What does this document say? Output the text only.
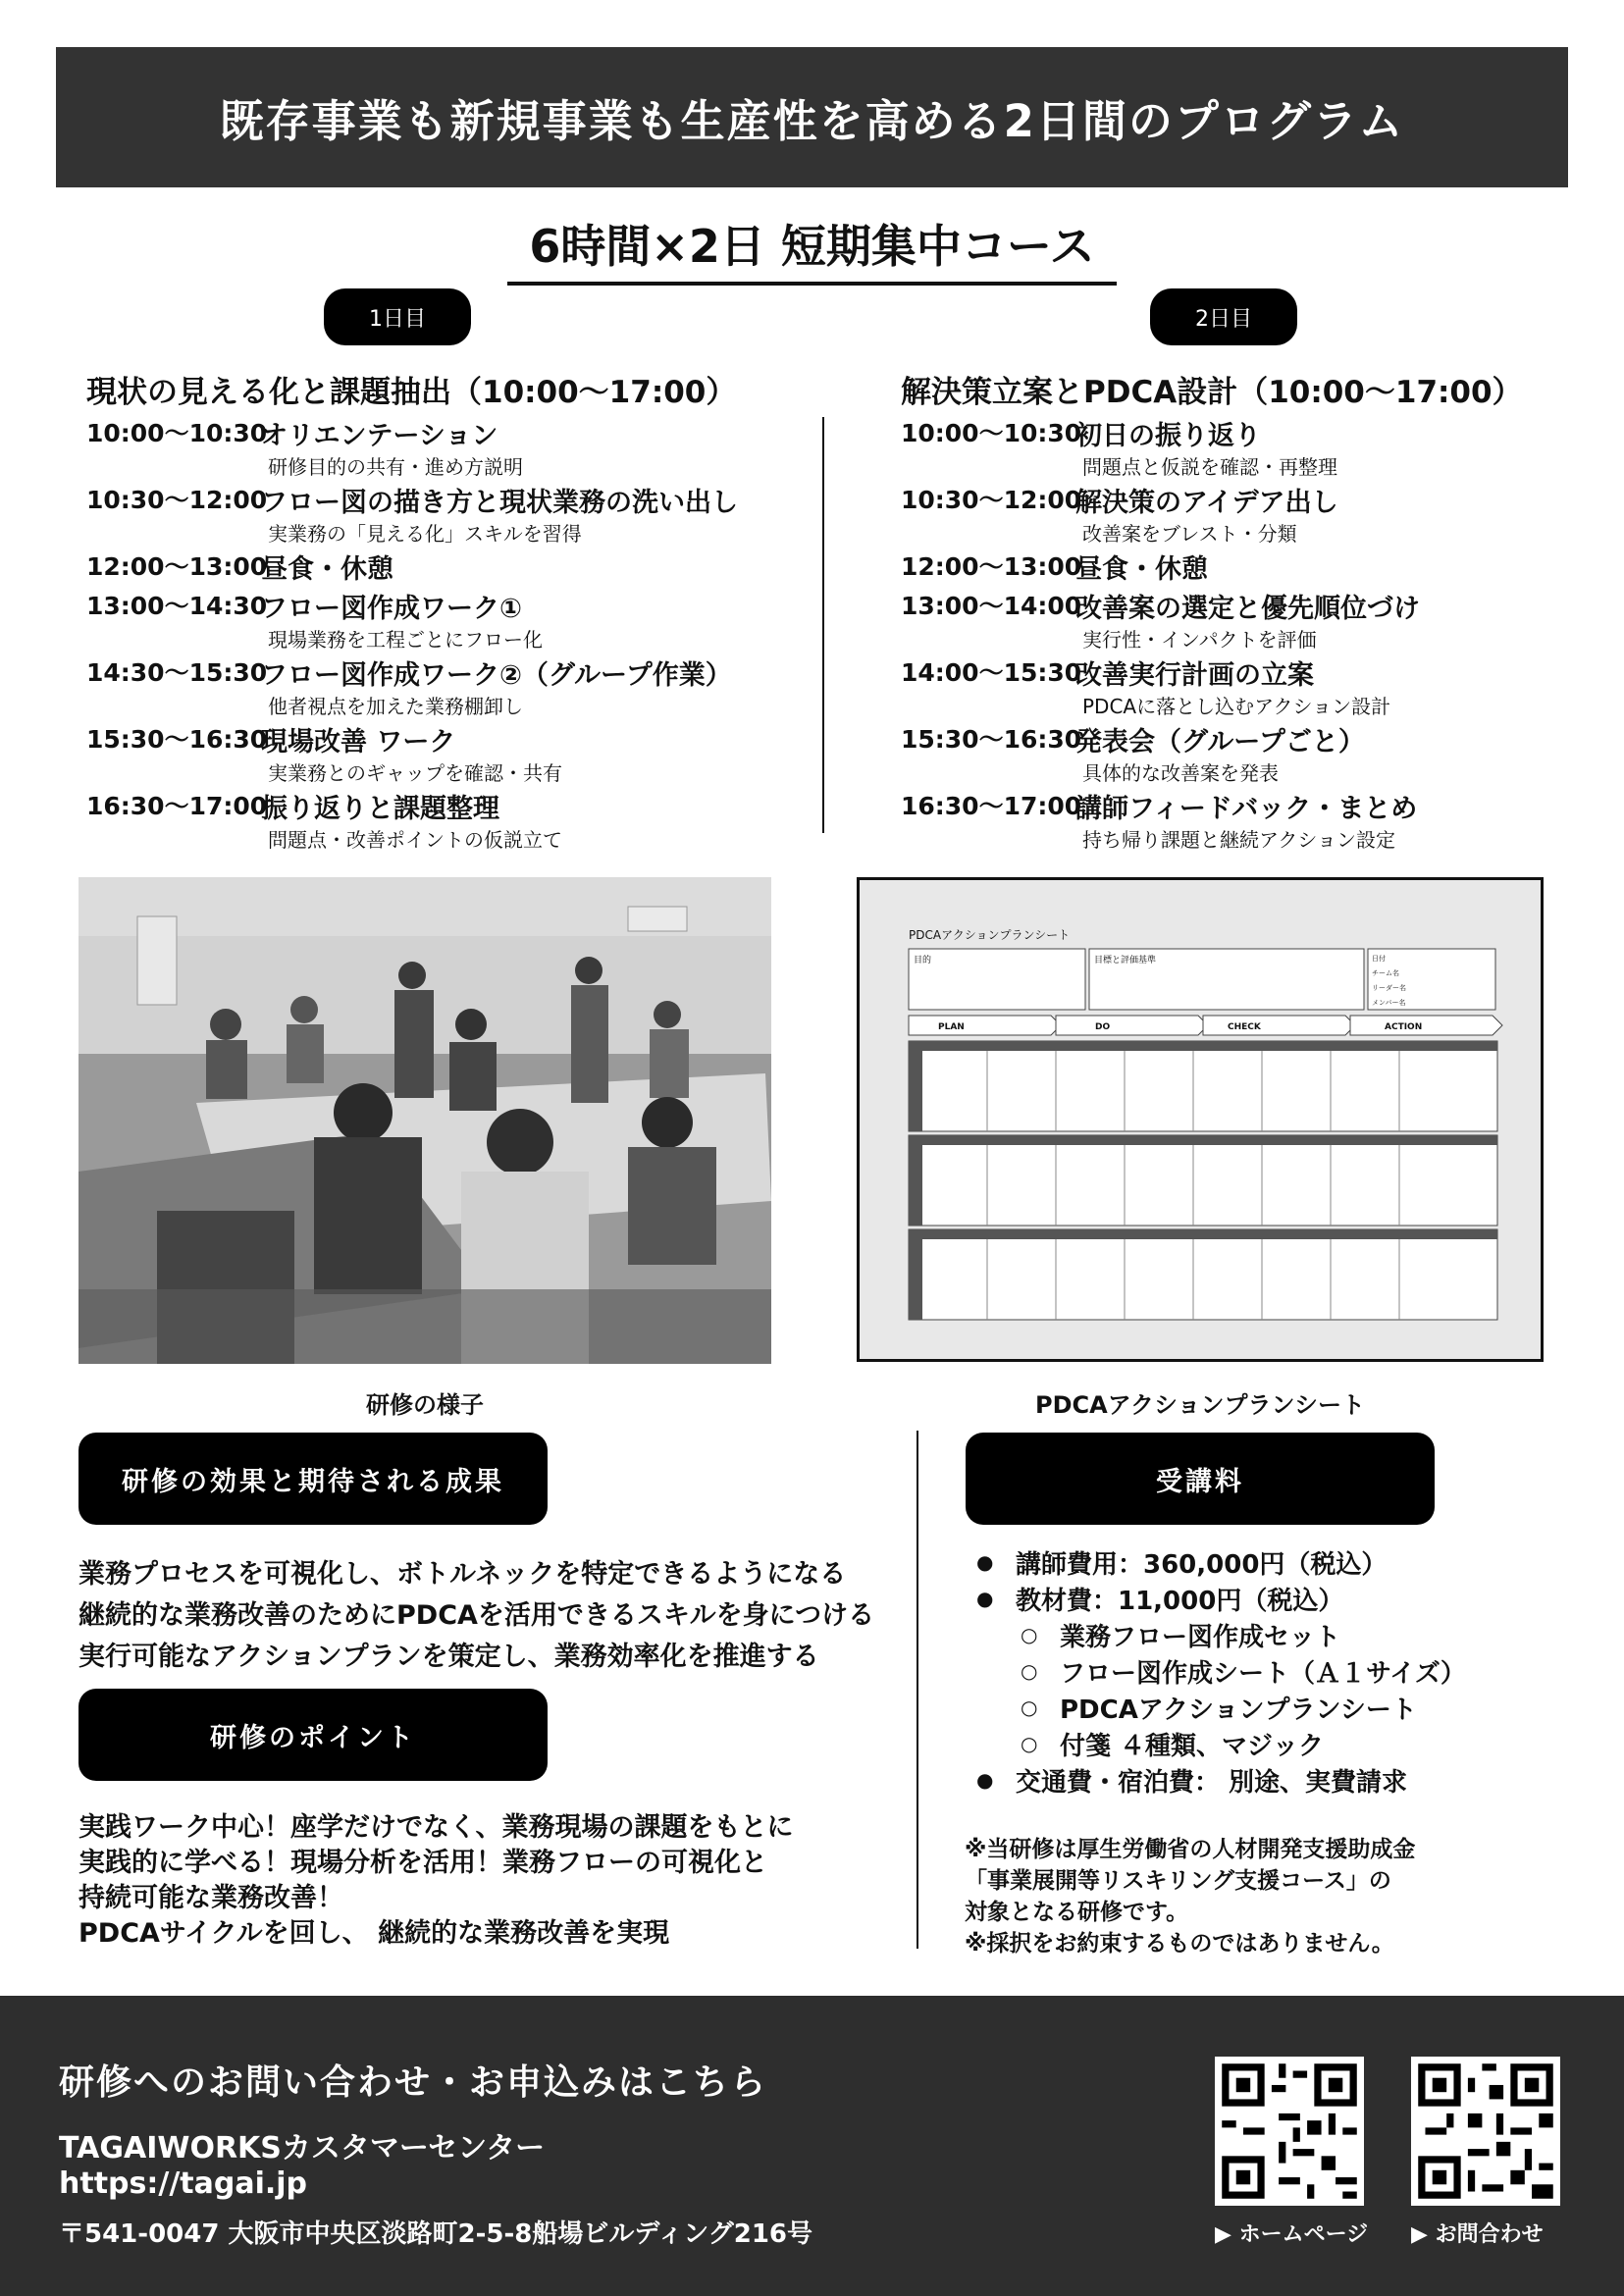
既存事業も新規事業も生産性を高める2日間のプログラム
6時間×2日 短期集中コース
1日目	2日目
現状の見える化と課題抽出（10:00～17:00）	解決策立案とPDCA設計（10:00～17:00）
10:00～10:30
オリエンテーション
研修目的の共有・進め方説明
10:30～12:00
フロー図の描き方と現状業務の洗い出し
実業務の「見える化」スキルを習得
12:00～13:00
昼食・休憩
13:00～14:30
フロー図作成ワーク①
現場業務を工程ごとにフロー化
14:30～15:30
フロー図作成ワーク②（グループ作業）
他者視点を加えた業務棚卸し
15:30～16:30
現場改善 ワーク
実業務とのギャップを確認・共有
16:30～17:00
振り返りと課題整理
問題点・改善ポイントの仮説立て
10:00～10:30
初日の振り返り
問題点と仮説を確認・再整理
10:30～12:00
解決策のアイデア出し
改善案をブレスト・分類
12:00～13:00
昼食・休憩
13:00～14:00
改善案の選定と優先順位づけ
実行性・インパクトを評価
14:00～15:30
改善実行計画の立案
PDCAに落とし込むアクション設計
15:30～16:30
発表会（グループごと）
具体的な改善案を発表
16:30～17:00
講師フィードバック・まとめ
持ち帰り課題と継続アクション設定
PDCAアクションプランシート
目的	目標と評価基準	日付
チーム名
リーダー名
メンバー名
PLAN	DO	CHECK	ACTION
研修の様子	PDCAアクションプランシート
研修の効果と期待される成果
業務プロセスを可視化し、ボトルネックを特定できるようになる
継続的な業務改善のためにPDCAを活用できるスキルを身につける
実行可能なアクションプランを策定し、業務効率化を推進する
研修のポイント
実践ワーク中心！座学だけでなく、業務現場の課題をもとに
実践的に学べる！現場分析を活用！業務フローの可視化と
持続可能な業務改善！
PDCAサイクルを回し、 継続的な業務改善を実現
受講料
● 講師費用：360,000円（税込）
● 教材費：11,000円（税込）
○ 業務フロー図作成セット
○ フロー図作成シート（Ａ１サイズ）
○ PDCAアクションプランシート
○ 付箋 ４種類、マジック
● 交通費・宿泊費： 別途、実費請求
※当研修は厚生労働省の人材開発支援助成金
「事業展開等リスキリング支援コース」の
対象となる研修です。
※採択をお約束するものではありません。
研修へのお問い合わせ・お申込みはこちら
TAGAIWORKSカスタマーセンター
https://tagai.jp
〒541-0047 大阪市中央区淡路町2-5-8船場ビルディング216号	▶ ホームページ ▶ お問合わせ
